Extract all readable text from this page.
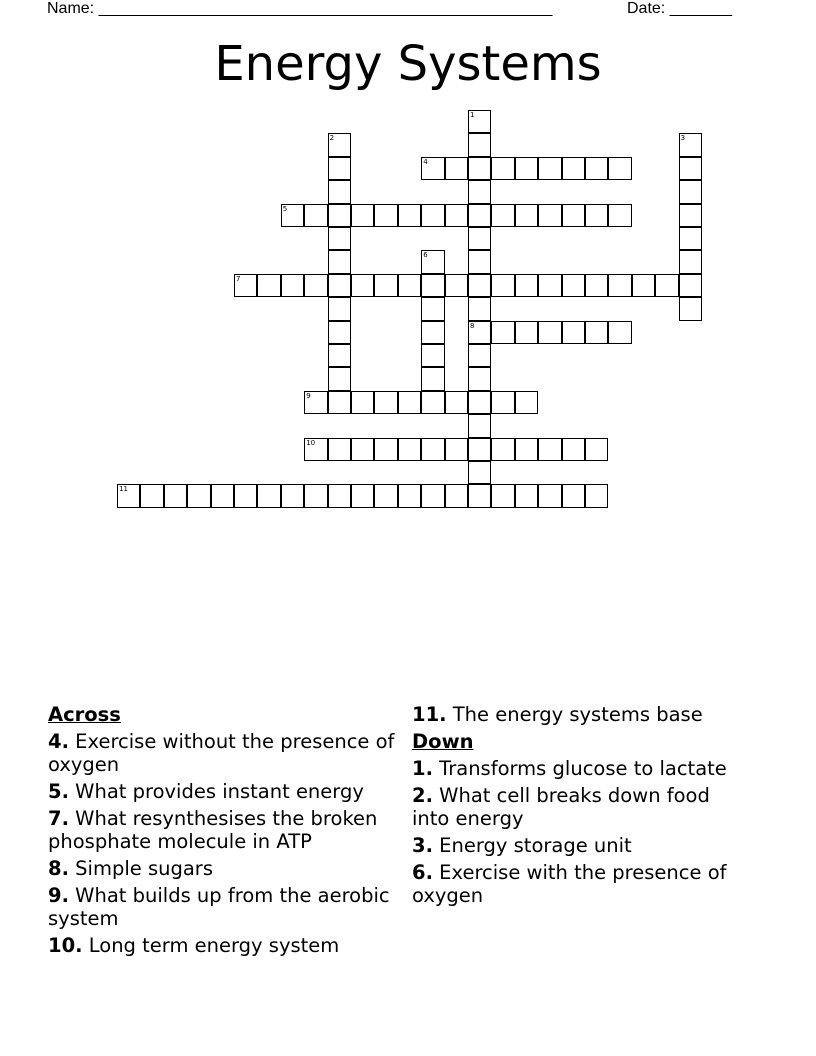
Name: ___________________________________________________	Date: _______
Energy Systems
1
8
2	3
4
5
6
7
9
10
11
Across
4. Exercise without the presence of oxygen
5. What provides instant energy
7. What resynthesises the broken phosphate molecule in ATP
8. Simple sugars
9. What builds up from the aerobic system
10. Long term energy system
11. The energy systems base
Down
1. Transforms glucose to lactate
2. What cell breaks down food into energy
3. Energy storage unit
6. Exercise with the presence of oxygen
